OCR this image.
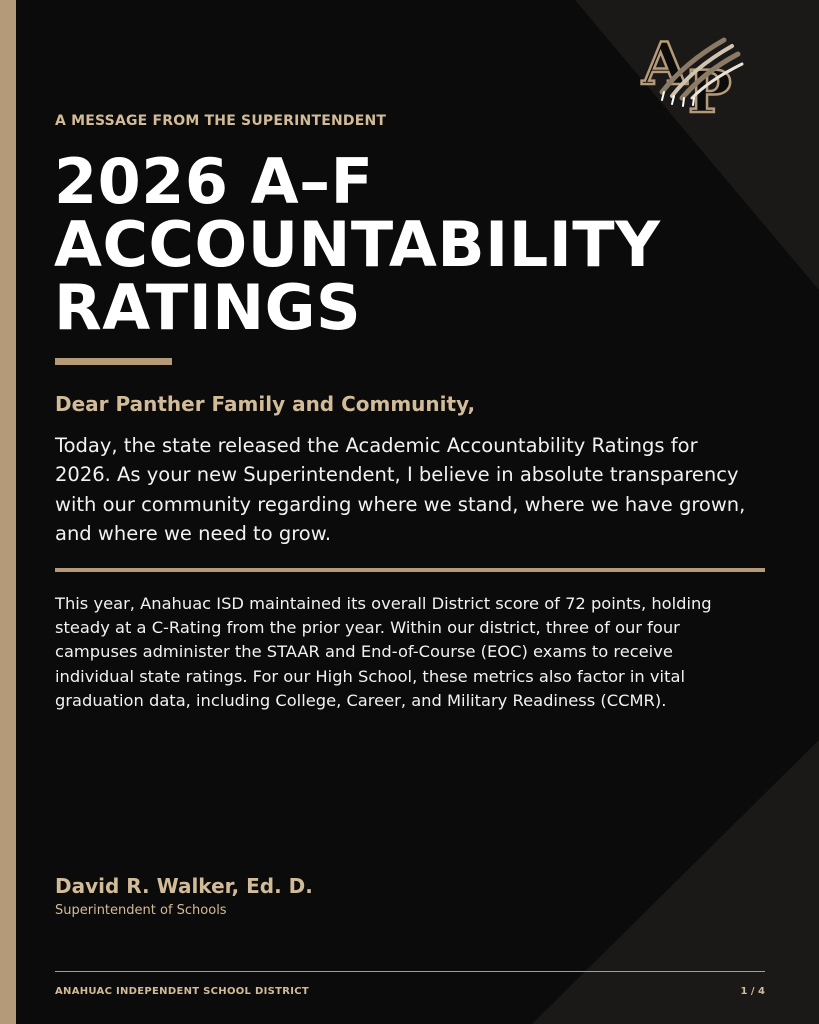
A P
A MESSAGE FROM THE SUPERINTENDENT
2026 A–F
ACCOUNTABILITY
RATINGS
Dear Panther Family and Community,

Today, the state released the Academic Accountability Ratings for 2026. As your new Superintendent, I believe in absolute transparency with our community regarding where we stand, where we have grown, and where we need to grow.

This year, Anahuac ISD maintained its overall District score of 72 points, holding steady at a C-Rating from the prior year. Within our district, three of our four campuses administer the STAAR and End-of-Course (EOC) exams to receive individual state ratings. For our High School, these metrics also factor in vital graduation data, including College, Career, and Military Readiness (CCMR).

David R. Walker, Ed. D.
Superintendent of Schools
ANAHUAC INDEPENDENT SCHOOL DISTRICT	1 / 4
